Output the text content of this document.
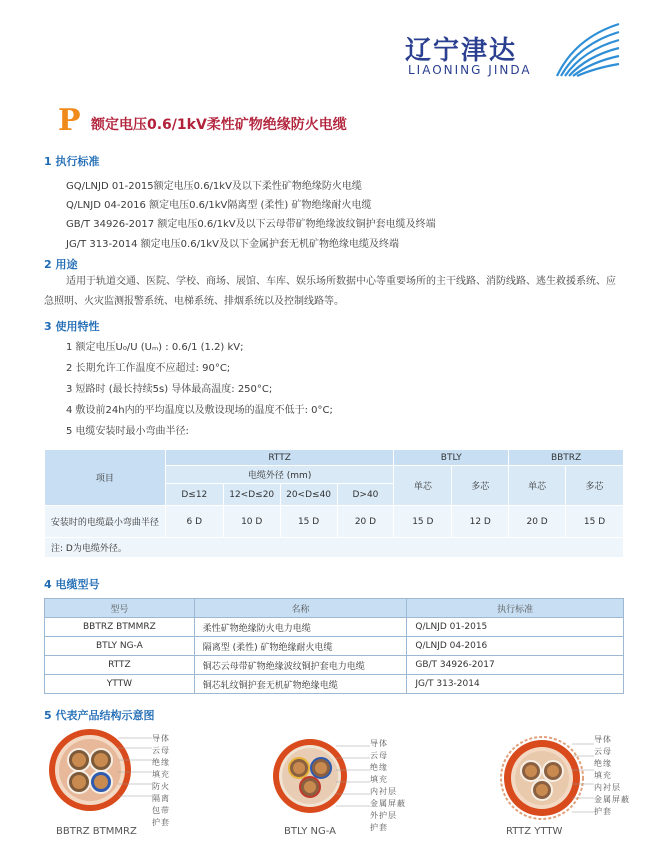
辽宁津达
LIAONING JINDA
P 额定电压0.6/1kV柔性矿物绝缘防火电缆
1 执行标准
GQ/LNJD 01-2015额定电压0.6/1kV及以下柔性矿物绝缘防火电缆
Q/LNJD 04-2016 额定电压0.6/1kV隔离型 (柔性) 矿物绝缘耐火电缆
GB/T 34926-2017 额定电压0.6/1kV及以下云母带矿物绝缘波纹铜护套电缆及终端
JG/T 313-2014 额定电压0.6/1kV及以下金属护套无机矿物绝缘电缆及终端
2 用途
适用于轨道交通、医院、学校、商场、展馆、车库、娱乐场所数据中心等重要场所的主干线路、消防线路、逃生救援系统、应急照明、火灾监测报警系统、电梯系统、排烟系统以及控制线路等。
3 使用特性
1 额定电压U₀/U (Uₘ) : 0.6/1 (1.2) kV;
2 长期允许工作温度不应超过: 90°C;
3 短路时 (最长持续5s) 导体最高温度: 250°C;
4 敷设前24h内的平均温度以及敷设现场的温度不低于: 0°C;
5 电缆安装时最小弯曲半径:
项目	RTTZ				BTLY		BBTRZ	
	电缆外径 (mm)				单芯	多芯	单芯	多芯
	D≤12	12<D≤20	20<D≤40	D>40				
安装时的电缆最小弯曲半径	6 D	10 D	15 D	20 D	15 D	12 D	20 D	15 D
注: D为电缆外径。								
4 电缆型号
型号	名称	执行标准
BBTRZ BTMMRZ	柔性矿物绝缘防火电力电缆	Q/LNJD 01-2015
BTLY NG-A	隔离型 (柔性) 矿物绝缘耐火电缆	Q/LNJD 04-2016
RTTZ	铜芯云母带矿物绝缘波纹铜护套电力电缆	GB/T 34926-2017
YTTW	铜芯轧纹铜护套无机矿物绝缘电缆	JG/T 313-2014
5 代表产品结构示意图
导体
云母
绝缘
填充
防火
隔离
包带
护套
BBTRZ BTMMRZ
导体
云母
绝缘
填充
内衬层
金属屏蔽
外护层
护套
BTLY NG-A
导体
云母
绝缘
填充
内衬层
金属屏蔽
护套
RTTZ YTTW
